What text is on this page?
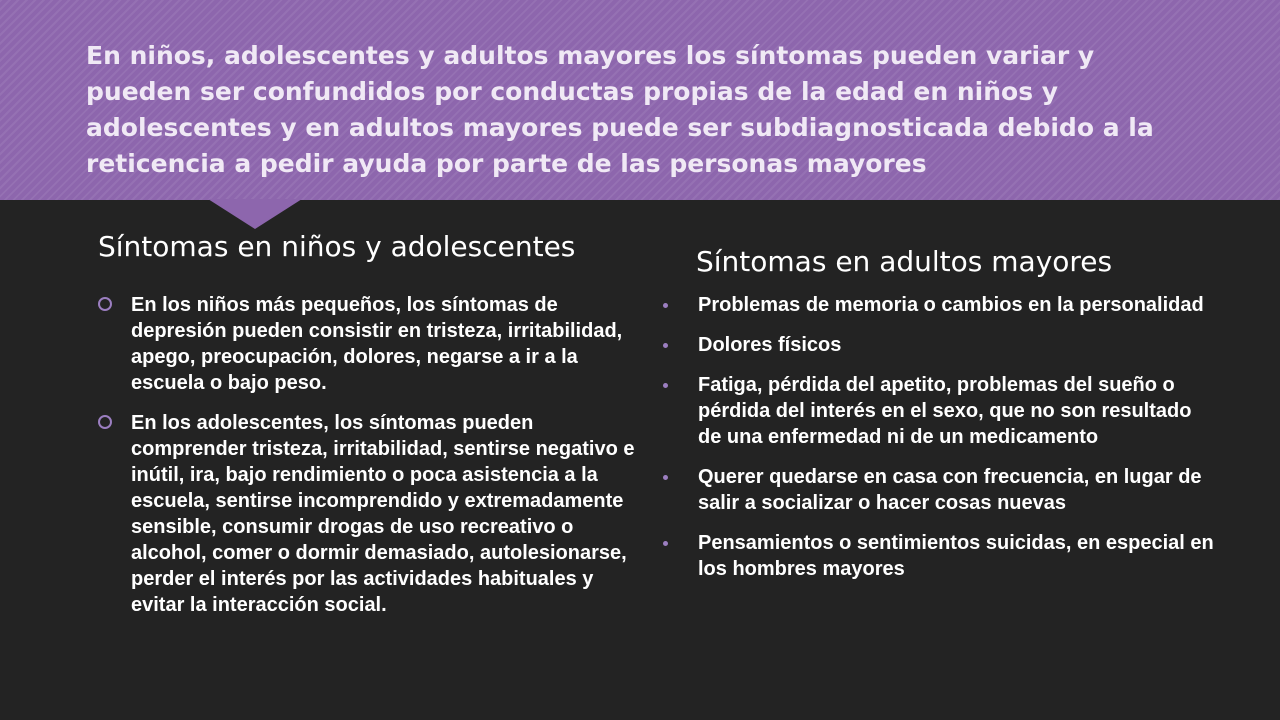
En niños, adolescentes y adultos mayores los síntomas pueden variar y pueden ser confundidos por conductas propias de la edad en niños y adolescentes y en adultos mayores puede ser subdiagnosticada debido a la reticencia a pedir ayuda por parte de las personas mayores
Síntomas en niños y adolescentes
En los niños más pequeños, los síntomas de depresión pueden consistir en tristeza, irritabilidad, apego, preocupación, dolores, negarse a ir a la escuela o bajo peso.
En los adolescentes, los síntomas pueden comprender tristeza, irritabilidad, sentirse negativo e inútil, ira, bajo rendimiento o poca asistencia a la escuela, sentirse incomprendido y extremadamente sensible, consumir drogas de uso recreativo o alcohol, comer o dormir demasiado, autolesionarse, perder el interés por las actividades habituales y evitar la interacción social.
Síntomas en adultos mayores
Problemas de memoria o cambios en la personalidad
Dolores físicos
Fatiga, pérdida del apetito, problemas del sueño o pérdida del interés en el sexo, que no son resultado de una enfermedad ni de un medicamento
Querer quedarse en casa con frecuencia, en lugar de salir a socializar o hacer cosas nuevas
Pensamientos o sentimientos suicidas, en especial en los hombres mayores
